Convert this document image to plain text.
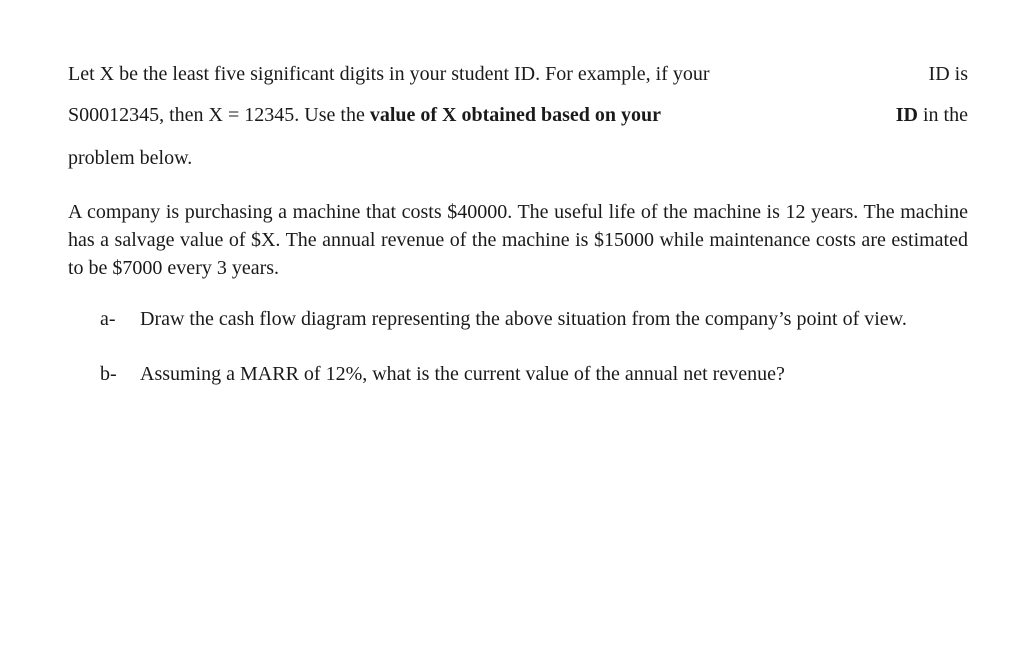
Let X be the least five significant digits in your student ID. For example, if your	ID is
S00012345, then X = 12345. Use the value of X obtained based on your	ID in the
problem below.
A company is purchasing a machine that costs $40000. The useful life of the machine is 12 years. The machine has a salvage value of $X. The annual revenue of the machine is $15000 while maintenance costs are estimated to be $7000 every 3 years.
a- Draw the cash flow diagram representing the above situation from the company’s point of view.
b- Assuming a MARR of 12%, what is the current value of the annual net revenue?
